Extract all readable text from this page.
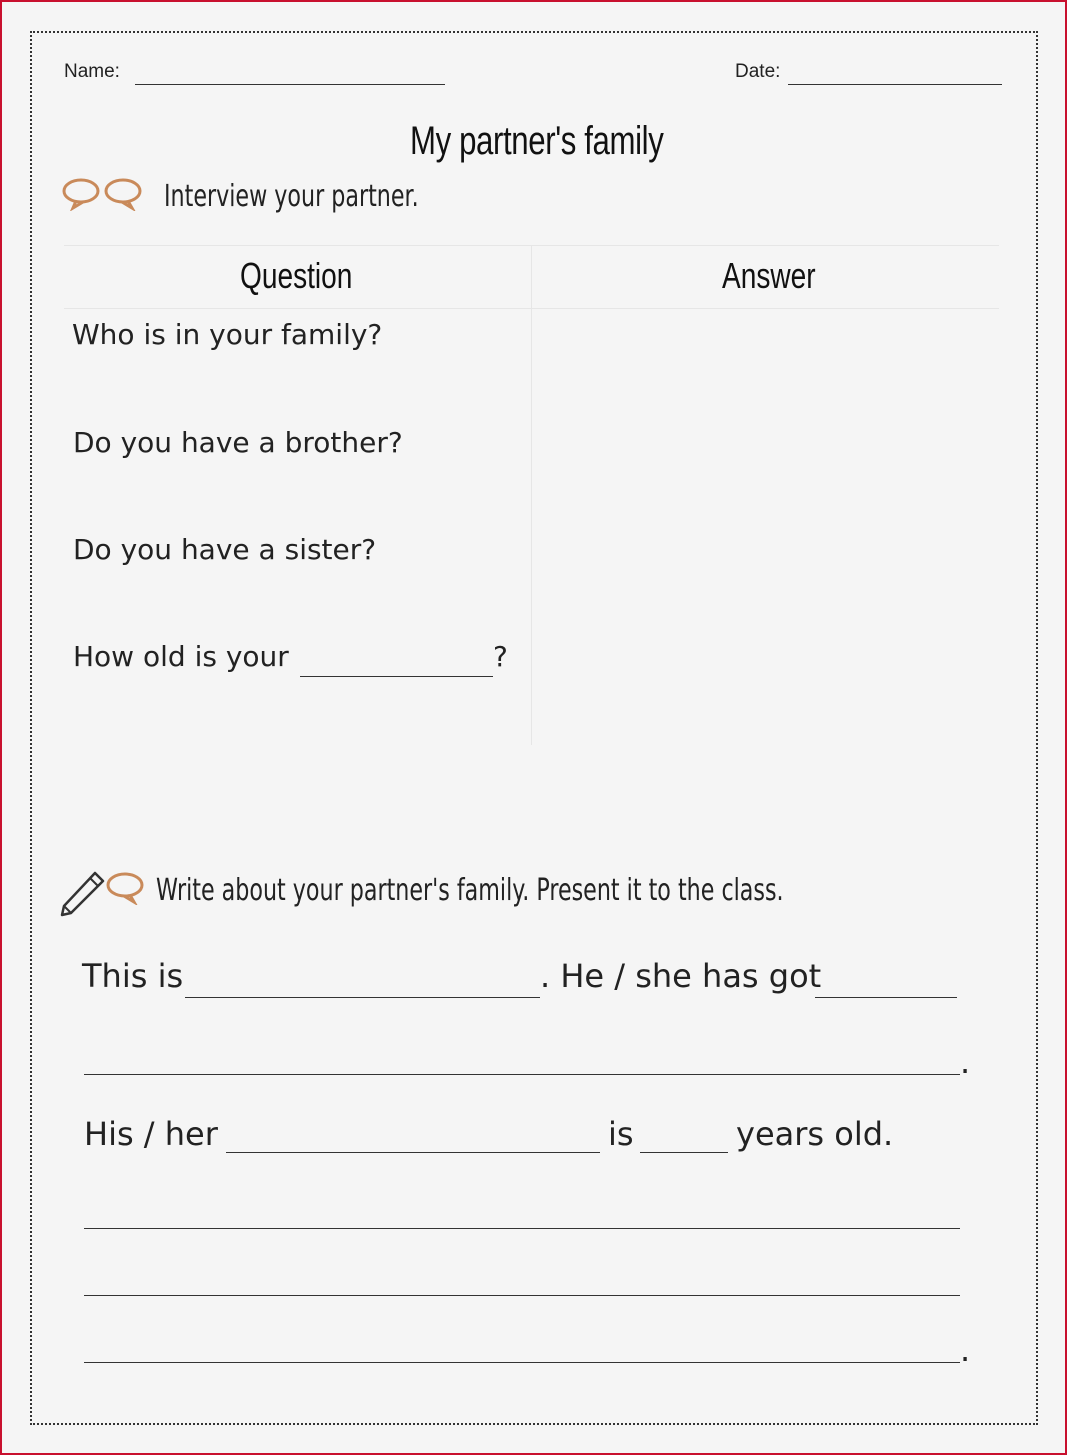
Name:	Date:
My partner's family
Interview your partner.
Question	Answer
Who is in your family?
Do you have a brother?
Do you have a sister?
How old is your	?
Write about your partner's family. Present it to the class.
This is	. He / she has got
.
His / her	is	years old.
.
